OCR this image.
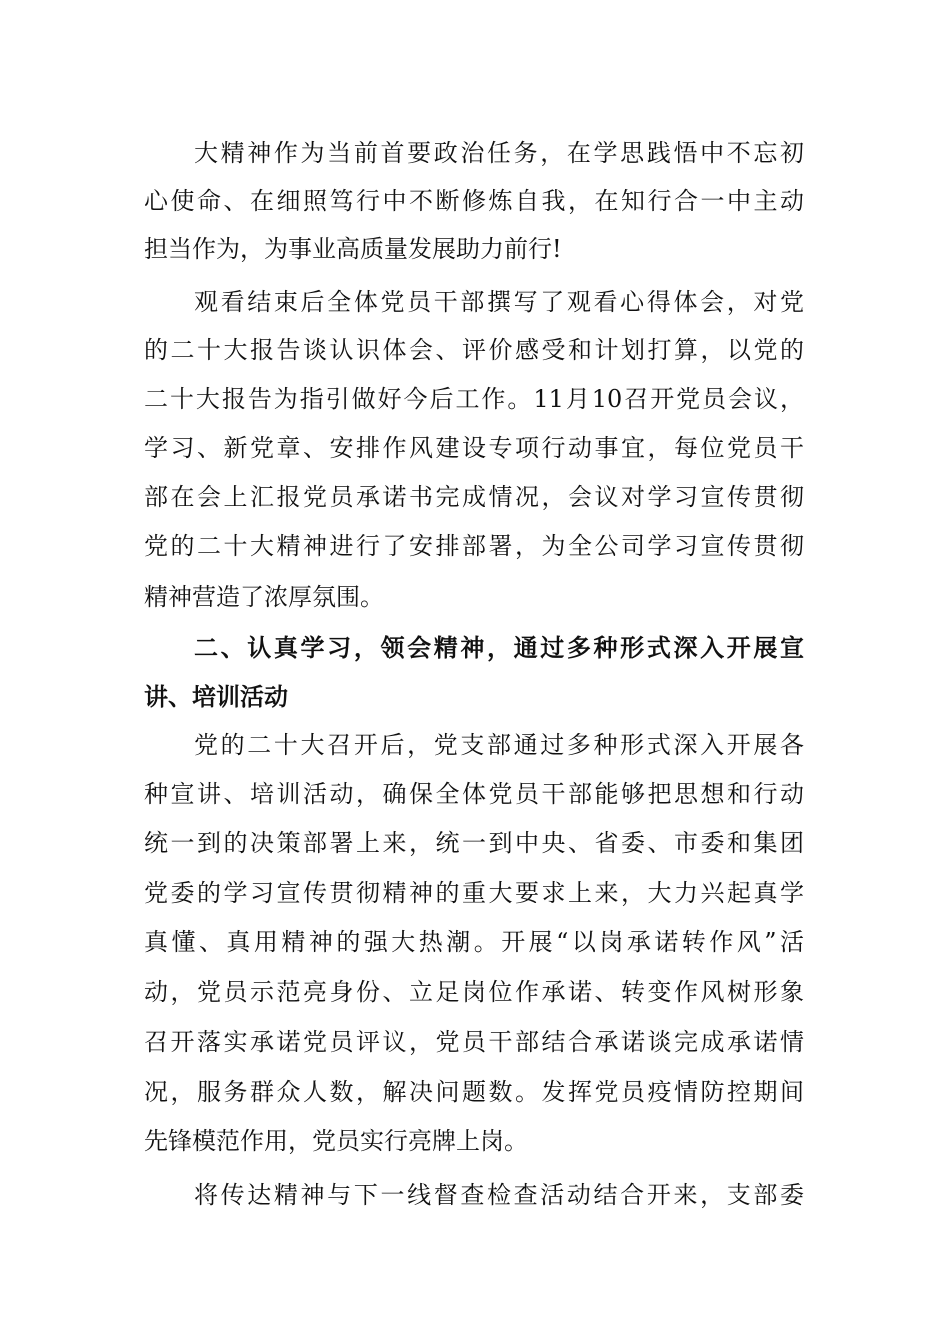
大精神作为当前首要政治任务，在学思践悟中不忘初
心使命、在细照笃行中不断修炼自我，在知行合一中主动
担当作为，为事业高质量发展助力前行!
观看结束后全体党员干部撰写了观看心得体会，对党
的二十大报告谈认识体会、评价感受和计划打算，以党的
二十大报告为指引做好今后工作。11月10召开党员会议，
学习、新党章、安排作风建设专项行动事宜，每位党员干
部在会上汇报党员承诺书完成情况，会议对学习宣传贯彻
党的二十大精神进行了安排部署，为全公司学习宣传贯彻
精神营造了浓厚氛围。
二、认真学习，领会精神，通过多种形式深入开展宣
讲、培训活动
党的二十大召开后，党支部通过多种形式深入开展各
种宣讲、培训活动，确保全体党员干部能够把思想和行动
统一到的决策部署上来，统一到中央、省委、市委和集团
党委的学习宣传贯彻精神的重大要求上来，大力兴起真学
真懂、真用精神的强大热潮。开展“以岗承诺转作风”活
动，党员示范亮身份、立足岗位作承诺、转变作风树形象
召开落实承诺党员评议，党员干部结合承诺谈完成承诺情
况，服务群众人数，解决问题数。发挥党员疫情防控期间
先锋模范作用，党员实行亮牌上岗。
将传达精神与下一线督查检查活动结合开来，支部委
